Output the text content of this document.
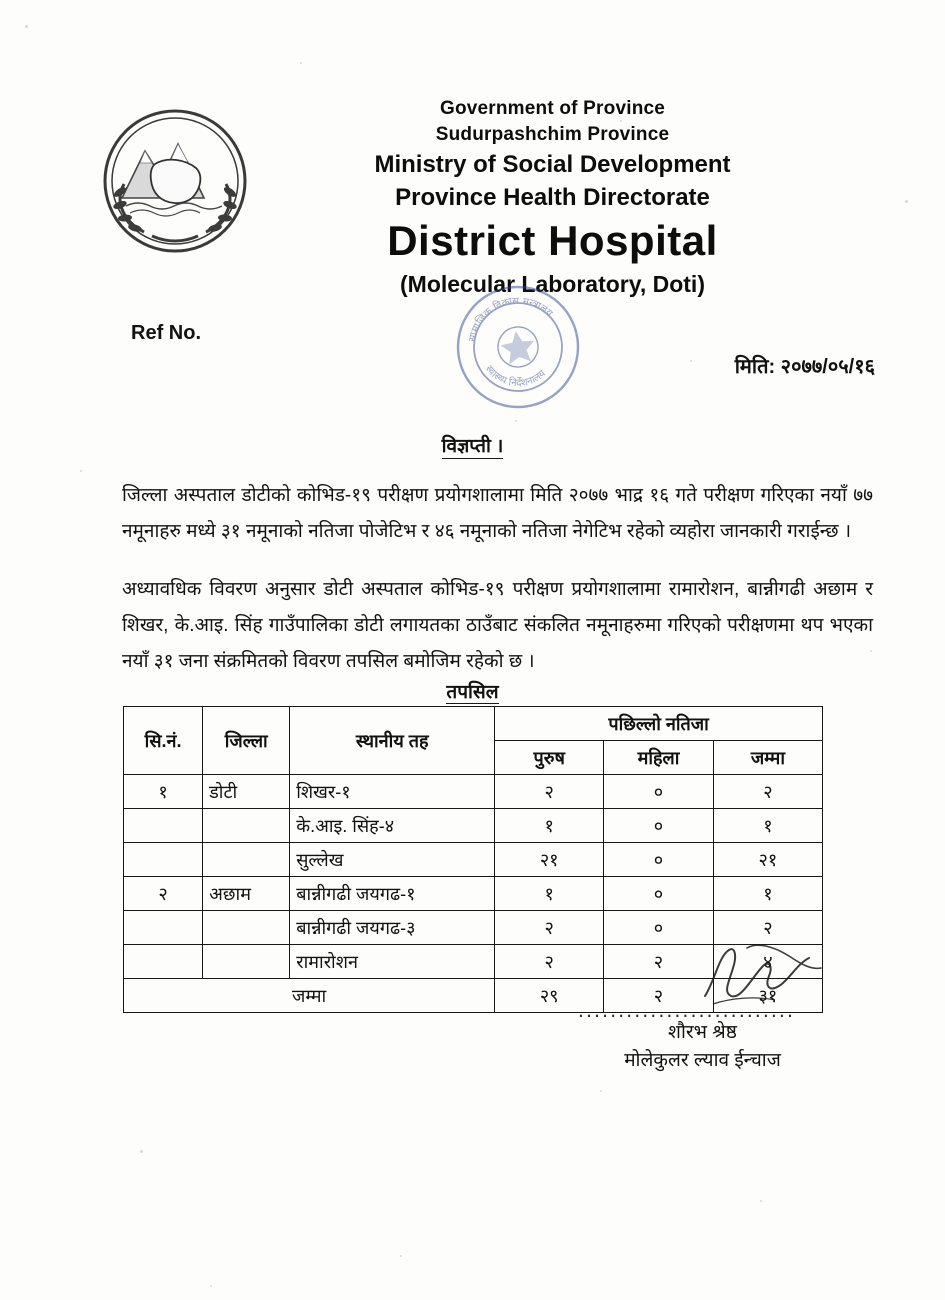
Government of Province
Sudurpashchim Province
Ministry of Social Development
Province Health Directorate
District Hospital
(Molecular Laboratory, Doti)
सामाजिक विकास मन्त्रालय
स्वास्थ्य निर्देशनालय
Ref No.
मिति: २०७७/०५/१६
विज्ञप्ती ।
जिल्ला अस्पताल डोटीको कोभिड-१९ परीक्षण प्रयोगशालामा मिति २०७७ भाद्र १६ गते परीक्षण गरिएका नयाँ ७७ नमूनाहरु मध्ये ३१ नमूनाको नतिजा पोजेटिभ र ४६ नमूनाको नतिजा नेगेटिभ रहेको व्यहोरा जानकारी गराईन्छ ।
अध्यावधिक विवरण अनुसार डोटी अस्पताल कोभिड-१९ परीक्षण प्रयोगशालामा रामारोशन, बान्नीगढी अछाम र शिखर, के.आइ. सिंह गाउँपालिका डोटी लगायतका ठाउँबाट संकलित नमूनाहरुमा गरिएको परीक्षणमा थप भएका नयाँ ३१ जना संक्रमितको विवरण तपसिल बमोजिम रहेको छ ।
तपसिल
सि.नं.	जिल्ला	स्थानीय तह	पछिल्लो नतिजा		
			पुरुष	महिला	जम्मा
१	डोटी	शिखर-१	२	०	२
		के.आइ. सिंह-४	१	०	१
		सुल्लेख	२१	०	२१
२	अछाम	बान्नीगढी जयगढ-१	१	०	१
		बान्नीगढी जयगढ-३	२	०	२
		रामारोशन	२	२	४
जम्मा			२९	२	३१
...........................
शौरभ श्रेष्ठ
मोलेकुलर ल्याव ईन्चाज
